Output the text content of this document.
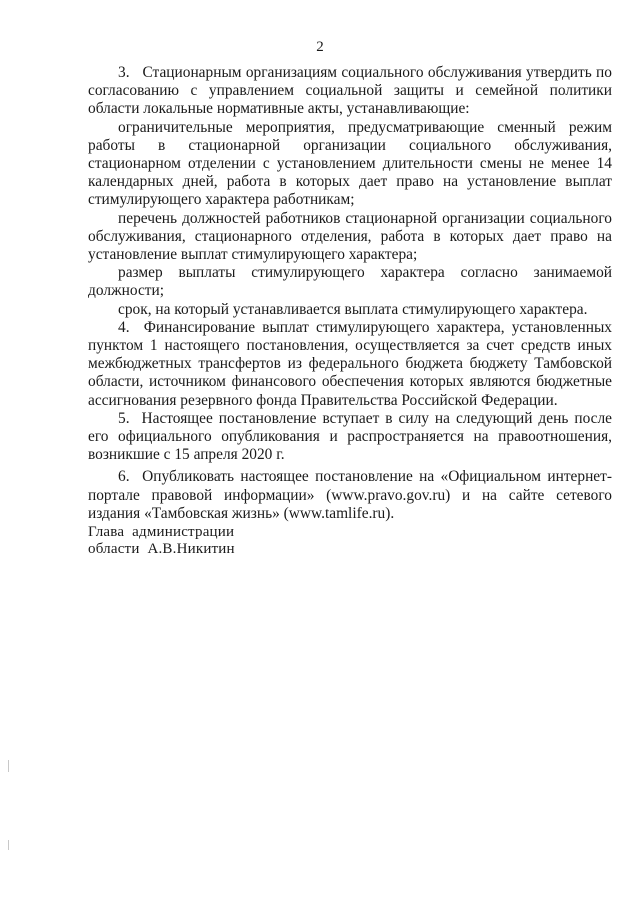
2

3.   Стационарным организациям социального обслуживания утвердить по согласованию с управлением социальной защиты и семейной политики области локальные нормативные акты, устанавливающие:

ограничительные мероприятия, предусматривающие сменный режим работы в стационарной организации социального обслуживания, стационарном отделении с установлением длительности смены не менее 14 календарных дней, работа в которых дает право на установление выплат стимулирующего характера работникам;

перечень должностей работников стационарной организации социального обслуживания, стационарного отделения, работа в которых дает право на установление выплат стимулирующего характера;

размер выплаты стимулирующего характера согласно занимаемой должности;

срок, на который устанавливается выплата стимулирующего характера.

4.  Финансирование выплат стимулирующего характера, установленных пунктом 1 настоящего постановления, осуществляется за счет средств иных межбюджетных трансфертов из федерального бюджета бюджету Тамбовской области, источником финансового обеспечения которых являются бюджетные ассигнования резервного фонда Правительства Российской Федерации.

5.  Настоящее постановление вступает в силу на следующий день после его официального опубликования и распространяется на правоотношения, возникшие с 15 апреля 2020 г.

6.  Опубликовать настоящее постановление на «Официальном интернет-портале правовой информации» (www.pravo.gov.ru) и на сайте сетевого издания «Тамбовская жизнь» (www.tamlife.ru).

Глава  администрации
области  А.В.Никитин
